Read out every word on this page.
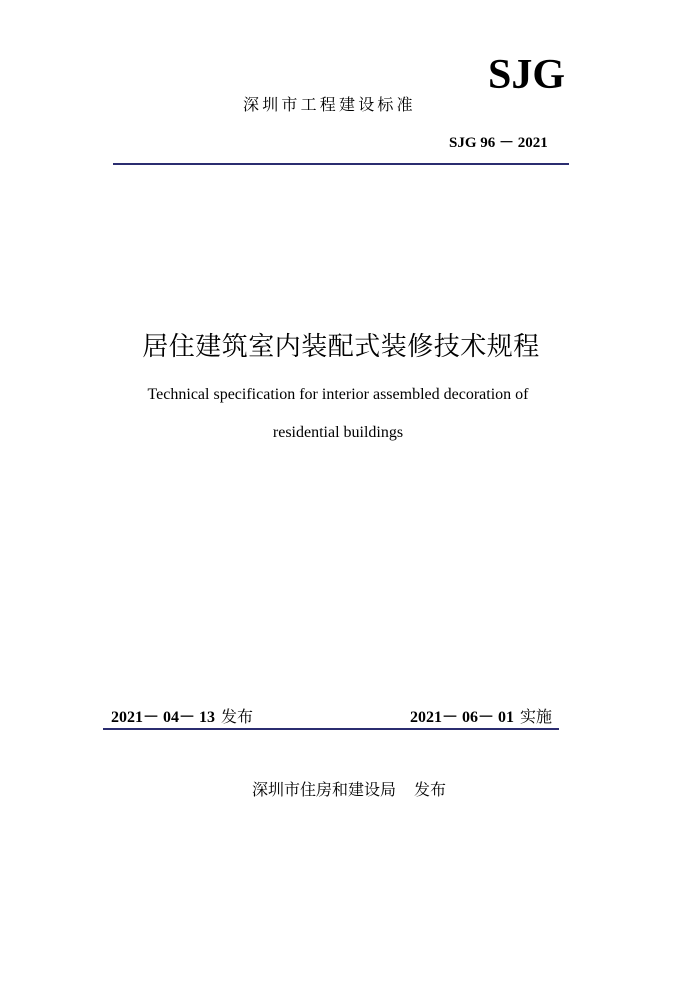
深圳市工程建设标准
SJG
SJG 96 － 2021
居住建筑室内装配式装修技术规程
Technical specification for interior assembled decoration of
residential buildings
2021－ 04－ 13 发布	2021－ 06－ 01 实施
深圳市住房和建设局 发布
